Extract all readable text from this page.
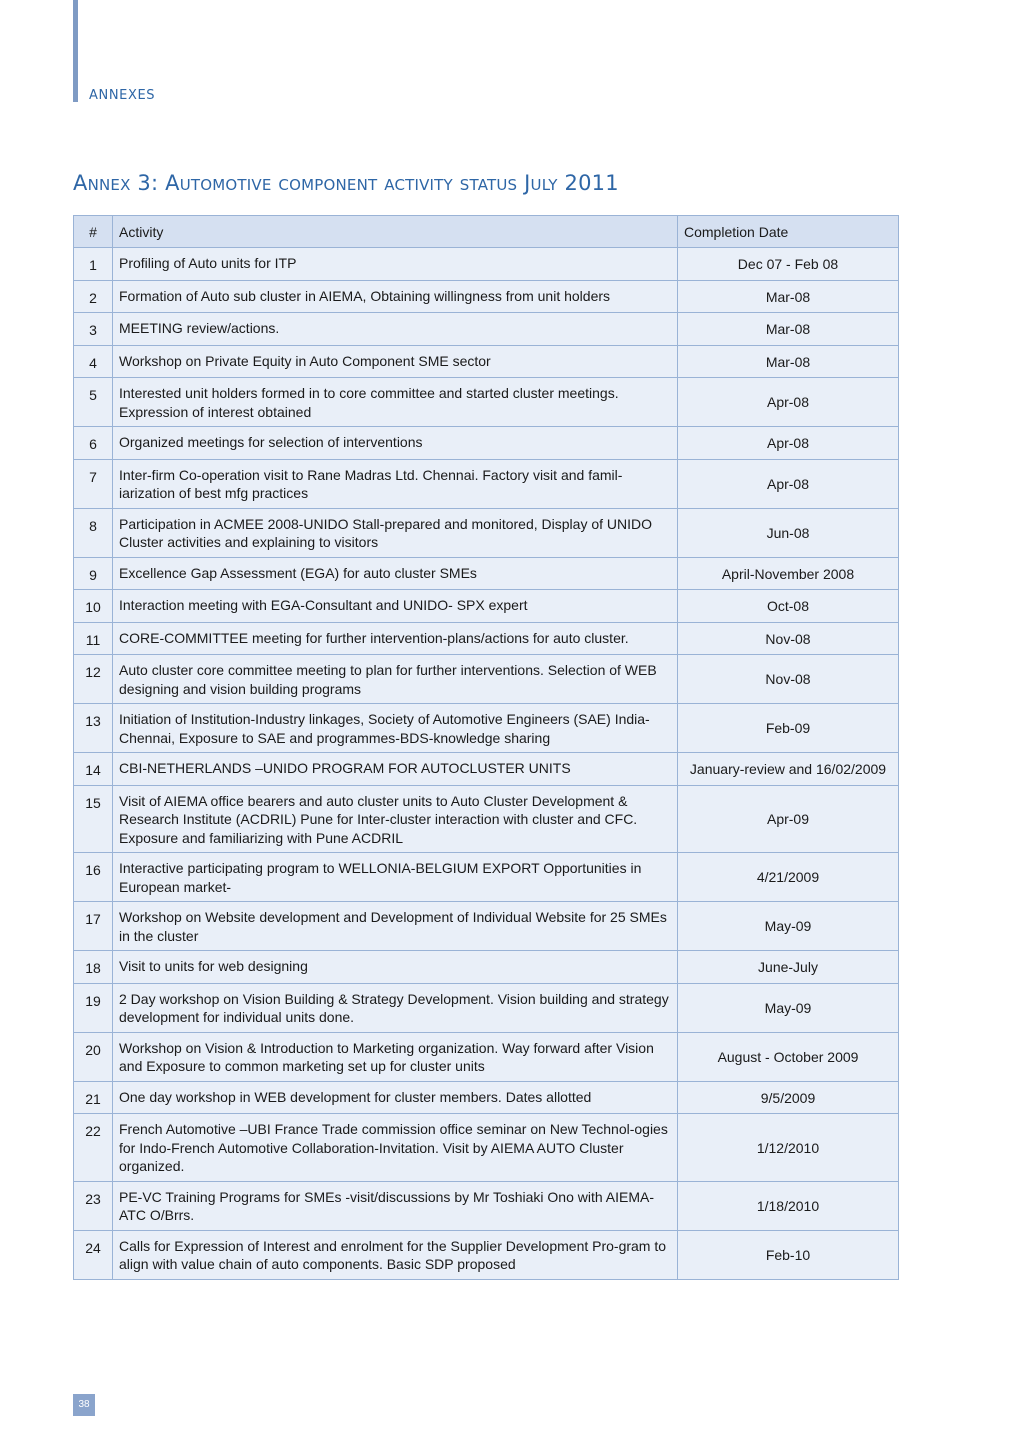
ANNEXES
Annex 3: Automotive component activity status July 2011
#	Activity	Completion Date
1	Profiling of Auto units for ITP	Dec 07 - Feb 08
2	Formation of Auto sub cluster in AIEMA, Obtaining willingness from unit holders	Mar-08
3	MEETING review/actions.	Mar-08
4	Workshop on Private Equity in Auto Component SME sector	Mar-08
5	Interested unit holders formed in to core committee and started cluster meetings. Expression of interest obtained	Apr-08
6	Organized meetings for selection of interventions	Apr-08
7	Inter-firm Co-operation visit to Rane Madras Ltd. Chennai. Factory visit and famil-iarization of best mfg practices	Apr-08
8	Participation in ACMEE 2008-UNIDO Stall-prepared and monitored, Display of UNIDO Cluster activities and explaining to visitors	Jun-08
9	Excellence Gap Assessment (EGA) for auto cluster SMEs	April-November 2008
10	Interaction meeting with EGA-Consultant and UNIDO- SPX expert	Oct-08
11	CORE-COMMITTEE meeting for further intervention-plans/actions for auto cluster.	Nov-08
12	Auto cluster core committee meeting to plan for further interventions. Selection of WEB designing and vision building programs	Nov-08
13	Initiation of Institution-Industry linkages, Society of Automotive Engineers (SAE) India- Chennai, Exposure to SAE and programmes-BDS-knowledge sharing	Feb-09
14	CBI-NETHERLANDS –UNIDO PROGRAM FOR AUTOCLUSTER UNITS	January-review and 16/02/2009
15	Visit of AIEMA office bearers and auto cluster units to Auto Cluster Development & Research Institute (ACDRIL) Pune for Inter-cluster interaction with cluster and CFC. Exposure and familiarizing with Pune ACDRIL	Apr-09
16	Interactive participating program to WELLONIA-BELGIUM EXPORT Opportunities in European market-	4/21/2009
17	Workshop on Website development and Development of Individual Website for 25 SMEs in the cluster	May-09
18	Visit to units for web designing	June-July
19	2 Day workshop on Vision Building & Strategy Development. Vision building and strategy development for individual units done.	May-09
20	Workshop on Vision & Introduction to Marketing organization. Way forward after Vision and Exposure to common marketing set up for cluster units	August - October 2009
21	One day workshop in WEB development for cluster members. Dates allotted	9/5/2009
22	French Automotive –UBI France Trade commission office seminar on New Technol-ogies for Indo-French Automotive Collaboration-Invitation. Visit by AIEMA AUTO Cluster organized.	1/12/2010
23	PE-VC Training Programs for SMEs -visit/discussions by Mr Toshiaki Ono with AIEMA-ATC O/Brrs.	1/18/2010
24	Calls for Expression of Interest and enrolment for the Supplier Development Pro-gram to align with value chain of auto components. Basic SDP proposed	Feb-10
38
